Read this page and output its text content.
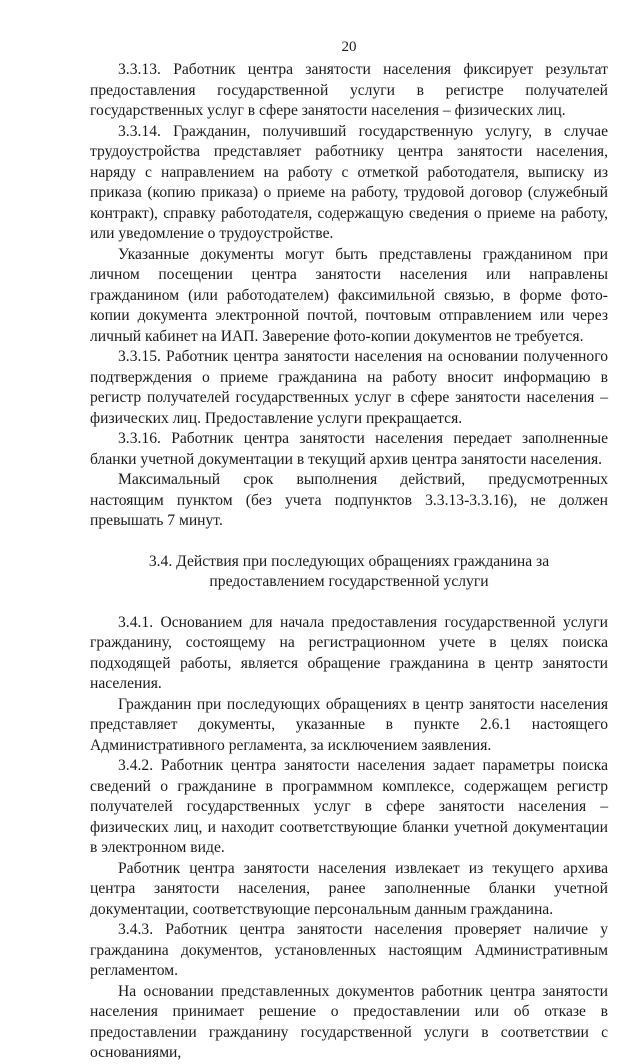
20

3.3.13. Работник центра занятости населения фиксирует результат предоставления государственной услуги в регистре получателей государственных услуг в сфере занятости населения – физических лиц.

3.3.14. Гражданин, получивший государственную услугу, в случае трудоустройства представляет работнику центра занятости населения, наряду с направлением на работу с отметкой работодателя, выписку из приказа (копию приказа) о приеме на работу, трудовой договор (служебный контракт), справку работодателя, содержащую сведения о приеме на работу, или уведомление о трудоустройстве.

Указанные документы могут быть представлены гражданином при личном посещении центра занятости населения или направлены гражданином (или работодателем) факсимильной связью, в форме фото-копии документа электронной почтой, почтовым отправлением или через личный кабинет на ИАП. Заверение фото-копии документов не требуется.

3.3.15. Работник центра занятости населения на основании полученного подтверждения о приеме гражданина на работу вносит информацию в регистр получателей государственных услуг в сфере занятости населения – физических лиц. Предоставление услуги прекращается.

3.3.16. Работник центра занятости населения передает заполненные бланки учетной документации в текущий архив центра занятости населения.

Максимальный срок выполнения действий, предусмотренных настоящим пунктом (без учета подпунктов 3.3.13-3.3.16), не должен превышать 7 минут.

3.4. Действия при последующих обращениях гражданина за предоставлением государственной услуги

3.4.1. Основанием для начала предоставления государственной услуги гражданину, состоящему на регистрационном учете в целях поиска подходящей работы, является обращение гражданина в центр занятости населения.

Гражданин при последующих обращениях в центр занятости населения представляет документы, указанные в пункте 2.6.1 настоящего Административного регламента, за исключением заявления.

3.4.2. Работник центра занятости населения задает параметры поиска сведений о гражданине в программном комплексе, содержащем регистр получателей государственных услуг в сфере занятости населения – физических лиц, и находит соответствующие бланки учетной документации в электронном виде.

Работник центра занятости населения извлекает из текущего архива центра занятости населения, ранее заполненные бланки учетной документации, соответствующие персональным данным гражданина.

3.4.3. Работник центра занятости населения проверяет наличие у гражданина документов, установленных настоящим Административным регламентом.

На основании представленных документов работник центра занятости населения принимает решение о предоставлении или об отказе в предоставлении гражданину государственной услуги в соответствии с основаниями,
